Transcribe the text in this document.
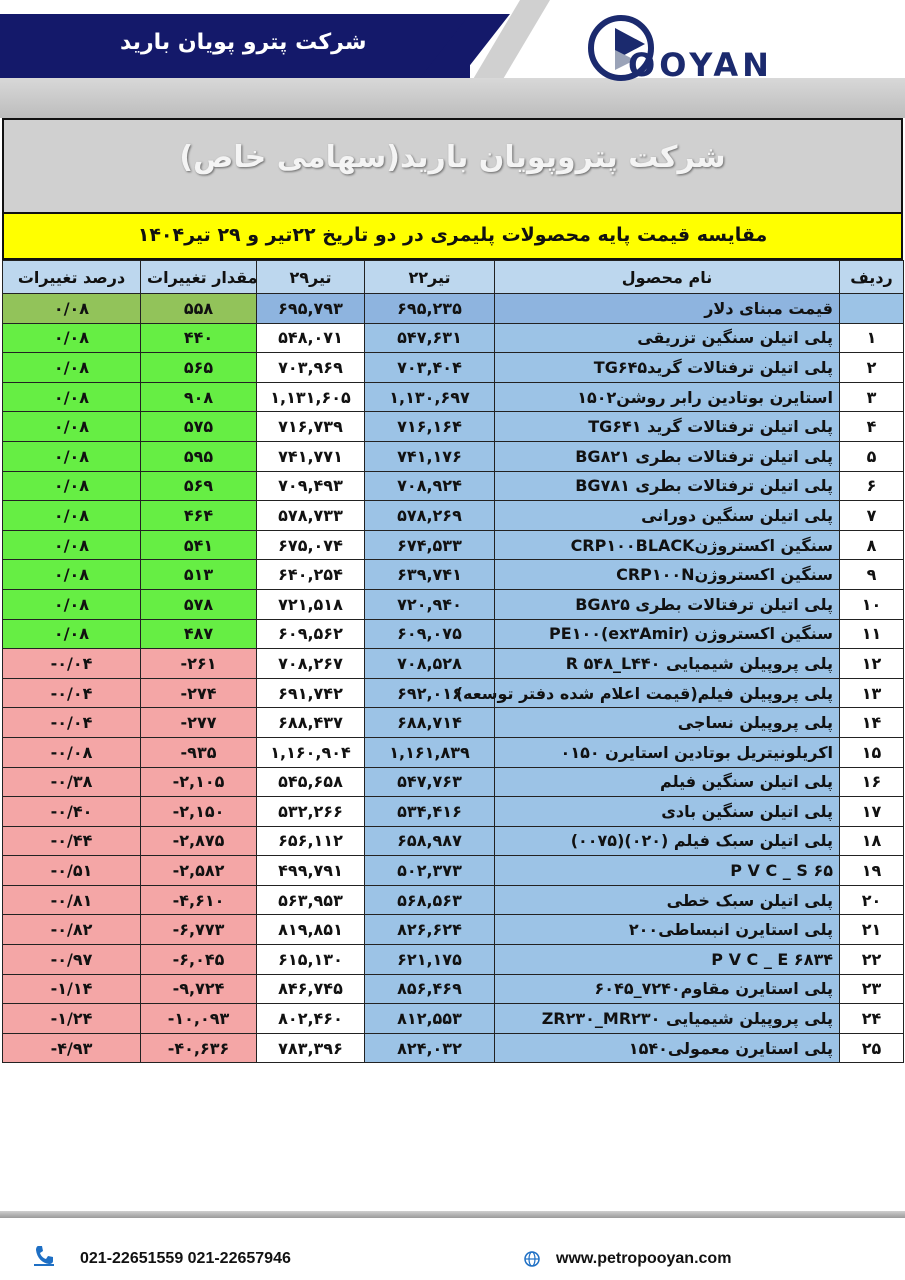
شرکت پترو پویان بارید
OOYAN
شرکت پتروپویان بارید(سهامی خاص)
مقایسه قیمت پایه محصولات پلیمری در دو تاریخ ۲۲تیر و ۲۹ تیر۱۴۰۴
درصد تغییرات	مقدار تغییرات	۲۹تیر	۲۲تیر	نام محصول	ردیف
۰/۰۸	۵۵۸	۶۹۵,۷۹۳	۶۹۵,۲۳۵	قیمت مبنای دلار	
۰/۰۸	۴۴۰	۵۴۸,۰۷۱	۵۴۷,۶۳۱	پلی اتیلن سنگین تزریقی	۱
۰/۰۸	۵۶۵	۷۰۳,۹۶۹	۷۰۳,۴۰۴	پلی اتیلن ترفتالات گریدTG۶۴۵	۲
۰/۰۸	۹۰۸	۱,۱۳۱,۶۰۵	۱,۱۳۰,۶۹۷	استایرن بوتادین رابر روشن۱۵۰۲	۳
۰/۰۸	۵۷۵	۷۱۶,۷۳۹	۷۱۶,۱۶۴	پلی اتیلن ترفتالات گرید TG۶۴۱	۴
۰/۰۸	۵۹۵	۷۴۱,۷۷۱	۷۴۱,۱۷۶	پلی اتیلن ترفتالات بطری BG۸۲۱	۵
۰/۰۸	۵۶۹	۷۰۹,۴۹۳	۷۰۸,۹۲۴	پلی اتیلن ترفتالات بطری BG۷۸۱	۶
۰/۰۸	۴۶۴	۵۷۸,۷۳۳	۵۷۸,۲۶۹	پلی اتیلن سنگین دورانی	۷
۰/۰۸	۵۴۱	۶۷۵,۰۷۴	۶۷۴,۵۳۳	سنگین اکستروژنCRP۱۰۰BLACK	۸
۰/۰۸	۵۱۳	۶۴۰,۲۵۴	۶۳۹,۷۴۱	سنگین اکستروژنCRP۱۰۰N	۹
۰/۰۸	۵۷۸	۷۲۱,۵۱۸	۷۲۰,۹۴۰	پلی اتیلن ترفتالات بطری BG۸۲۵	۱۰
۰/۰۸	۴۸۷	۶۰۹,۵۶۲	۶۰۹,۰۷۵	سنگین اکستروژن (PE۱۰۰(ex۳Amir	۱۱
-۰/۰۴	-۲۶۱	۷۰۸,۲۶۷	۷۰۸,۵۲۸	پلی پروپیلن شیمیایی R ۵۴۸_L۴۴۰	۱۲
-۰/۰۴	-۲۷۴	۶۹۱,۷۴۲	۶۹۲,۰۱۶	پلی پروپیلن فیلم(قیمت اعلام شده دفتر توسعه)	۱۳
-۰/۰۴	-۲۷۷	۶۸۸,۴۳۷	۶۸۸,۷۱۴	پلی پروپیلن نساجی	۱۴
-۰/۰۸	-۹۳۵	۱,۱۶۰,۹۰۴	۱,۱۶۱,۸۳۹	اکریلونیتریل بوتادین استایرن ۰۱۵۰	۱۵
-۰/۳۸	-۲,۱۰۵	۵۴۵,۶۵۸	۵۴۷,۷۶۳	پلی اتیلن سنگین فیلم	۱۶
-۰/۴۰	-۲,۱۵۰	۵۳۲,۲۶۶	۵۳۴,۴۱۶	پلی اتیلن سنگین بادی	۱۷
-۰/۴۴	-۲,۸۷۵	۶۵۶,۱۱۲	۶۵۸,۹۸۷	پلی اتیلن سبک فیلم (۰۲۰)(۰۰۷۵)	۱۸
-۰/۵۱	-۲,۵۸۲	۴۹۹,۷۹۱	۵۰۲,۳۷۳	P V C _ S ۶۵	۱۹
-۰/۸۱	-۴,۶۱۰	۵۶۳,۹۵۳	۵۶۸,۵۶۳	پلی اتیلن سبک خطی	۲۰
-۰/۸۲	-۶,۷۷۳	۸۱۹,۸۵۱	۸۲۶,۶۲۴	پلی استایرن انبساطی۲۰۰	۲۱
-۰/۹۷	-۶,۰۴۵	۶۱۵,۱۳۰	۶۲۱,۱۷۵	P V C _ E ۶۸۳۴	۲۲
-۱/۱۴	-۹,۷۲۴	۸۴۶,۷۴۵	۸۵۶,۴۶۹	پلی استایرن مقاوم۷۲۴۰_۶۰۴۵	۲۳
-۱/۲۴	-۱۰,۰۹۳	۸۰۲,۴۶۰	۸۱۲,۵۵۳	پلی پروپیلن شیمیایی ZR۲۳۰_MR۲۳۰	۲۴
-۴/۹۳	-۴۰,۶۳۶	۷۸۳,۳۹۶	۸۲۴,۰۳۲	پلی استایرن معمولی۱۵۴۰	۲۵
021-22651559 021-22657946	www.petropooyan.com
